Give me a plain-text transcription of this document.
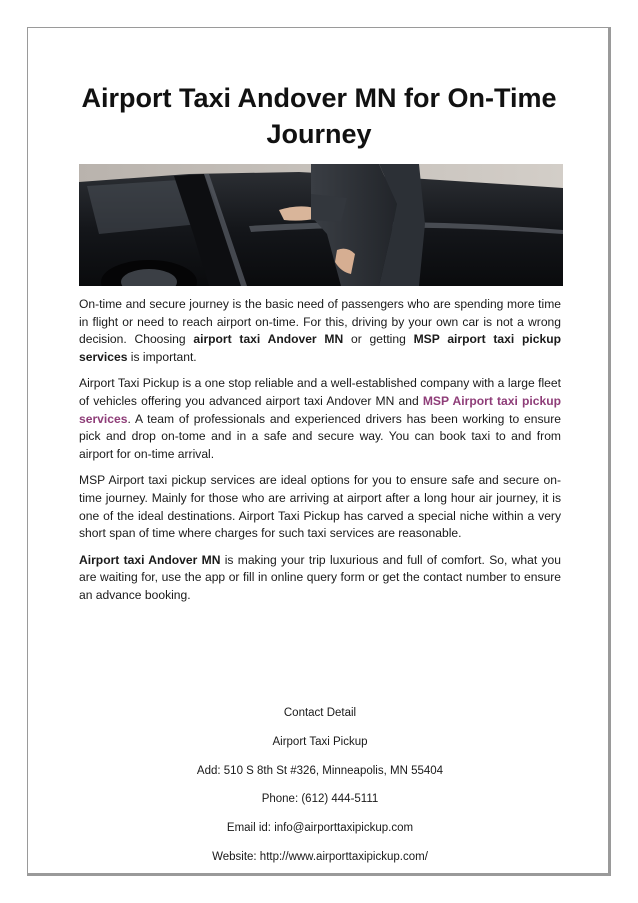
Airport Taxi Andover MN for On-Time Journey

On-time and secure journey is the basic need of passengers who are spending more time in flight or need to reach airport on-time. For this, driving by your own car is not a wrong decision. Choosing airport taxi Andover MN or getting MSP airport taxi pickup services is important.

Airport Taxi Pickup is a one stop reliable and a well-established company with a large fleet of vehicles offering you advanced airport taxi Andover MN and MSP Airport taxi pickup services. A team of professionals and experienced drivers has been working to ensure pick and drop on-tome and in a safe and secure way. You can book taxi to and from airport for on-time arrival.

MSP Airport taxi pickup services are ideal options for you to ensure safe and secure on-time journey. Mainly for those who are arriving at airport after a long hour air journey, it is one of the ideal destinations. Airport Taxi Pickup has carved a special niche within a very short span of time where charges for such taxi services are reasonable.

Airport taxi Andover MN is making your trip luxurious and full of comfort. So, what you are waiting for, use the app or fill in online query form or get the contact number to ensure an advance booking.

Contact Detail
Airport Taxi Pickup
Add: 510 S 8th St #326, Minneapolis, MN 55404
Phone: (612) 444-5111
Email id: info@airporttaxipickup.com
Website: http://www.airporttaxipickup.com/
